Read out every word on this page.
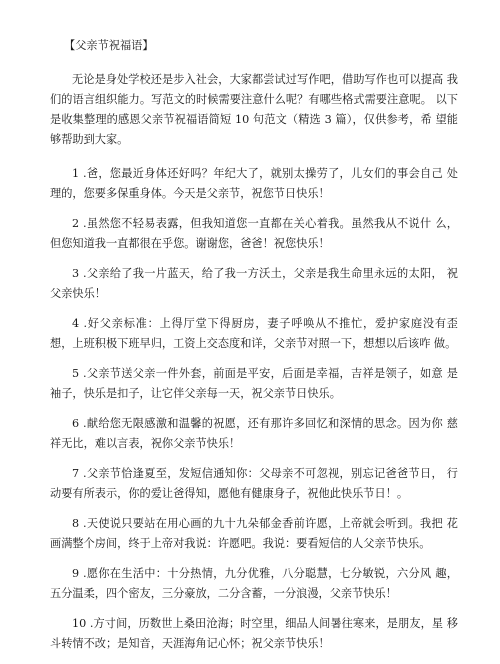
【父亲节祝福语】

无论是身处学校还是步入社会，大家都尝试过写作吧，借助写作也可以提高 我们的语言组织能力。写范文的时候需要注意什么呢？有哪些格式需要注意呢。 以下是收集整理的感恩父亲节祝福语简短 10 句范文（精选 3 篇），仅供参考，希 望能够帮助到大家。

1 .爸，您最近身体还好吗？年纪大了，就别太操劳了，儿女们的事会自己 处理的，您要多保重身体。今天是父亲节，祝您节日快乐！

2 .虽然您不轻易表露，但我知道您一直都在关心着我。虽然我从不说什 么，但您知道我一直都很在乎您。谢谢您，爸爸！祝您快乐！

3 .父亲给了我一片蓝天，给了我一方沃土，父亲是我生命里永远的太阳， 祝父亲快乐！

4 .好父亲标准：上得厅堂下得厨房，妻子呼唤从不推忙，爱护家庭没有歪 想，上班积极下班早归，工资上交态度和详，父亲节对照一下，想想以后该咋 做。

5 .父亲节送父亲一件外套，前面是平安，后面是幸福，吉祥是领子，如意 是袖子，快乐是扣子，让它伴父亲每一天，祝父亲节日快乐。

6 .献给您无限感激和温馨的祝愿，还有那许多回忆和深情的思念。因为你 慈祥无比，难以言表，祝你父亲节快乐！

7 .父亲节恰逢夏至，发短信通知你：父母亲不可忽视，别忘记爸爸节日， 行动要有所表示，你的爱让爸得知，愿他有健康身子，祝他此快乐节日！。

8 .天使说只要站在用心画的九十九朵郁金香前许愿，上帝就会听到。我把 花画满整个房间，终于上帝对我说：许愿吧。我说：要看短信的人父亲节快乐。

9 .愿你在生活中：十分热情，九分优雅，八分聪慧，七分敏锐，六分风 趣，五分温柔，四个密友，三分豪放，二分含蓄，一分浪漫，父亲节快乐！

10 .方寸间，历数世上桑田沧海；时空里，细品人间暑往寒来，是朋友，星 移斗转情不改；是知音，天涯海角记心怀；祝父亲节快乐！
